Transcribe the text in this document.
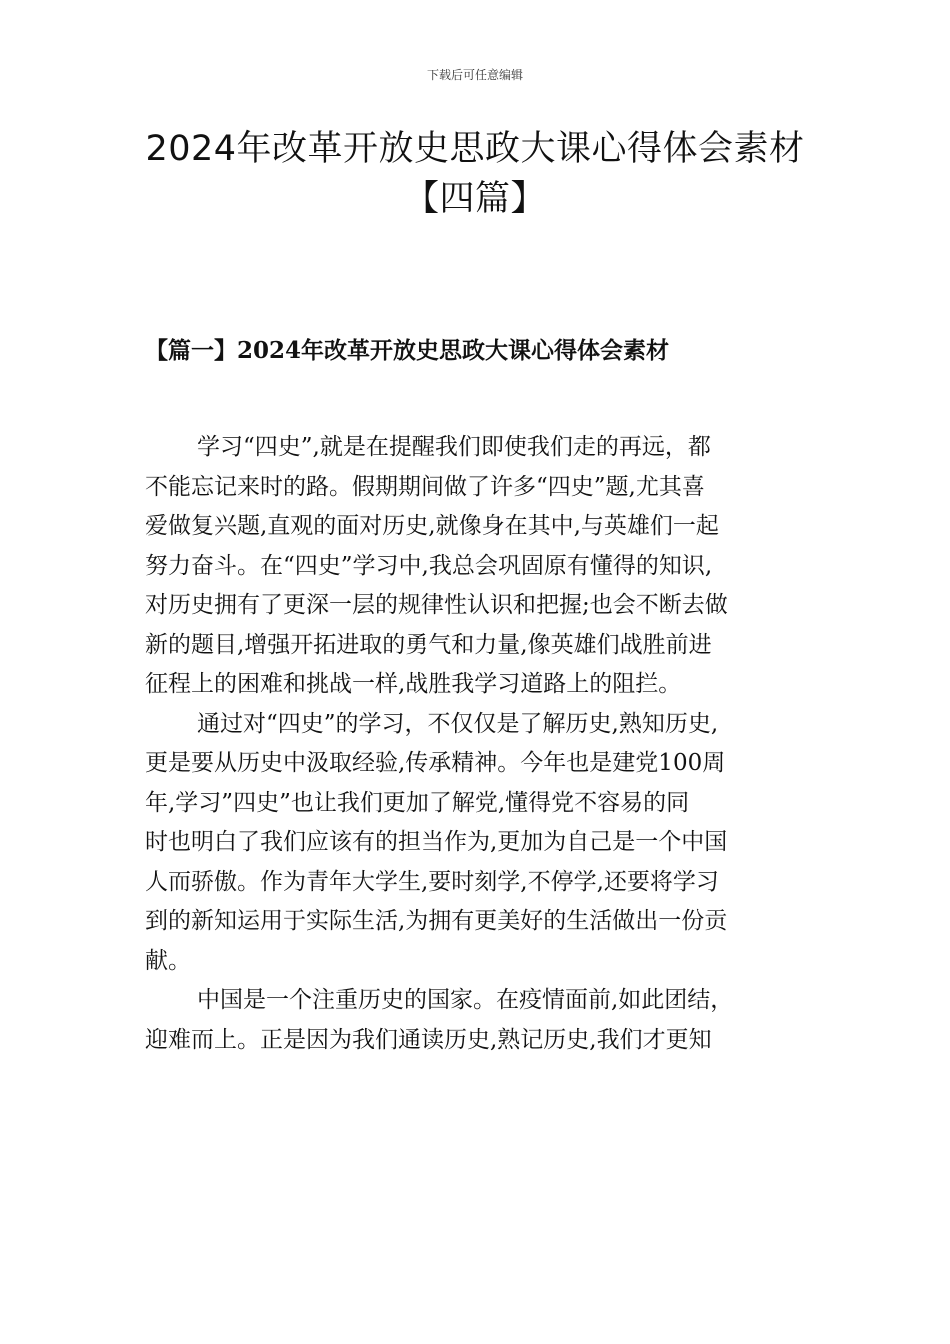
下载后可任意编辑
2024年改革开放史思政大课心得体会素材
【四篇】
【篇一】2024年改革开放史思政大课心得体会素材

学习“四史”,就是在提醒我们即使我们走的再远，都
不能忘记来时的路。假期期间做了许多“四史”题,尤其喜
爱做复兴题,直观的面对历史,就像身在其中,与英雄们一起
努力奋斗。在“四史”学习中,我总会巩固原有懂得的知识,
对历史拥有了更深一层的规律性认识和把握;也会不断去做
新的题目,增强开拓进取的勇气和力量,像英雄们战胜前进
征程上的困难和挑战一样,战胜我学习道路上的阻拦。

通过对“四史”的学习，不仅仅是了解历史,熟知历史,
更是要从历史中汲取经验,传承精神。今年也是建党100周
年,学习”四史”也让我们更加了解党,懂得党不容易的同
时也明白了我们应该有的担当作为,更加为自己是一个中国
人而骄傲。作为青年大学生,要时刻学,不停学,还要将学习
到的新知运用于实际生活,为拥有更美好的生活做出一份贡
献。

中国是一个注重历史的国家。在疫情面前,如此团结，
迎难而上。正是因为我们通读历史,熟记历史,我们才更知
